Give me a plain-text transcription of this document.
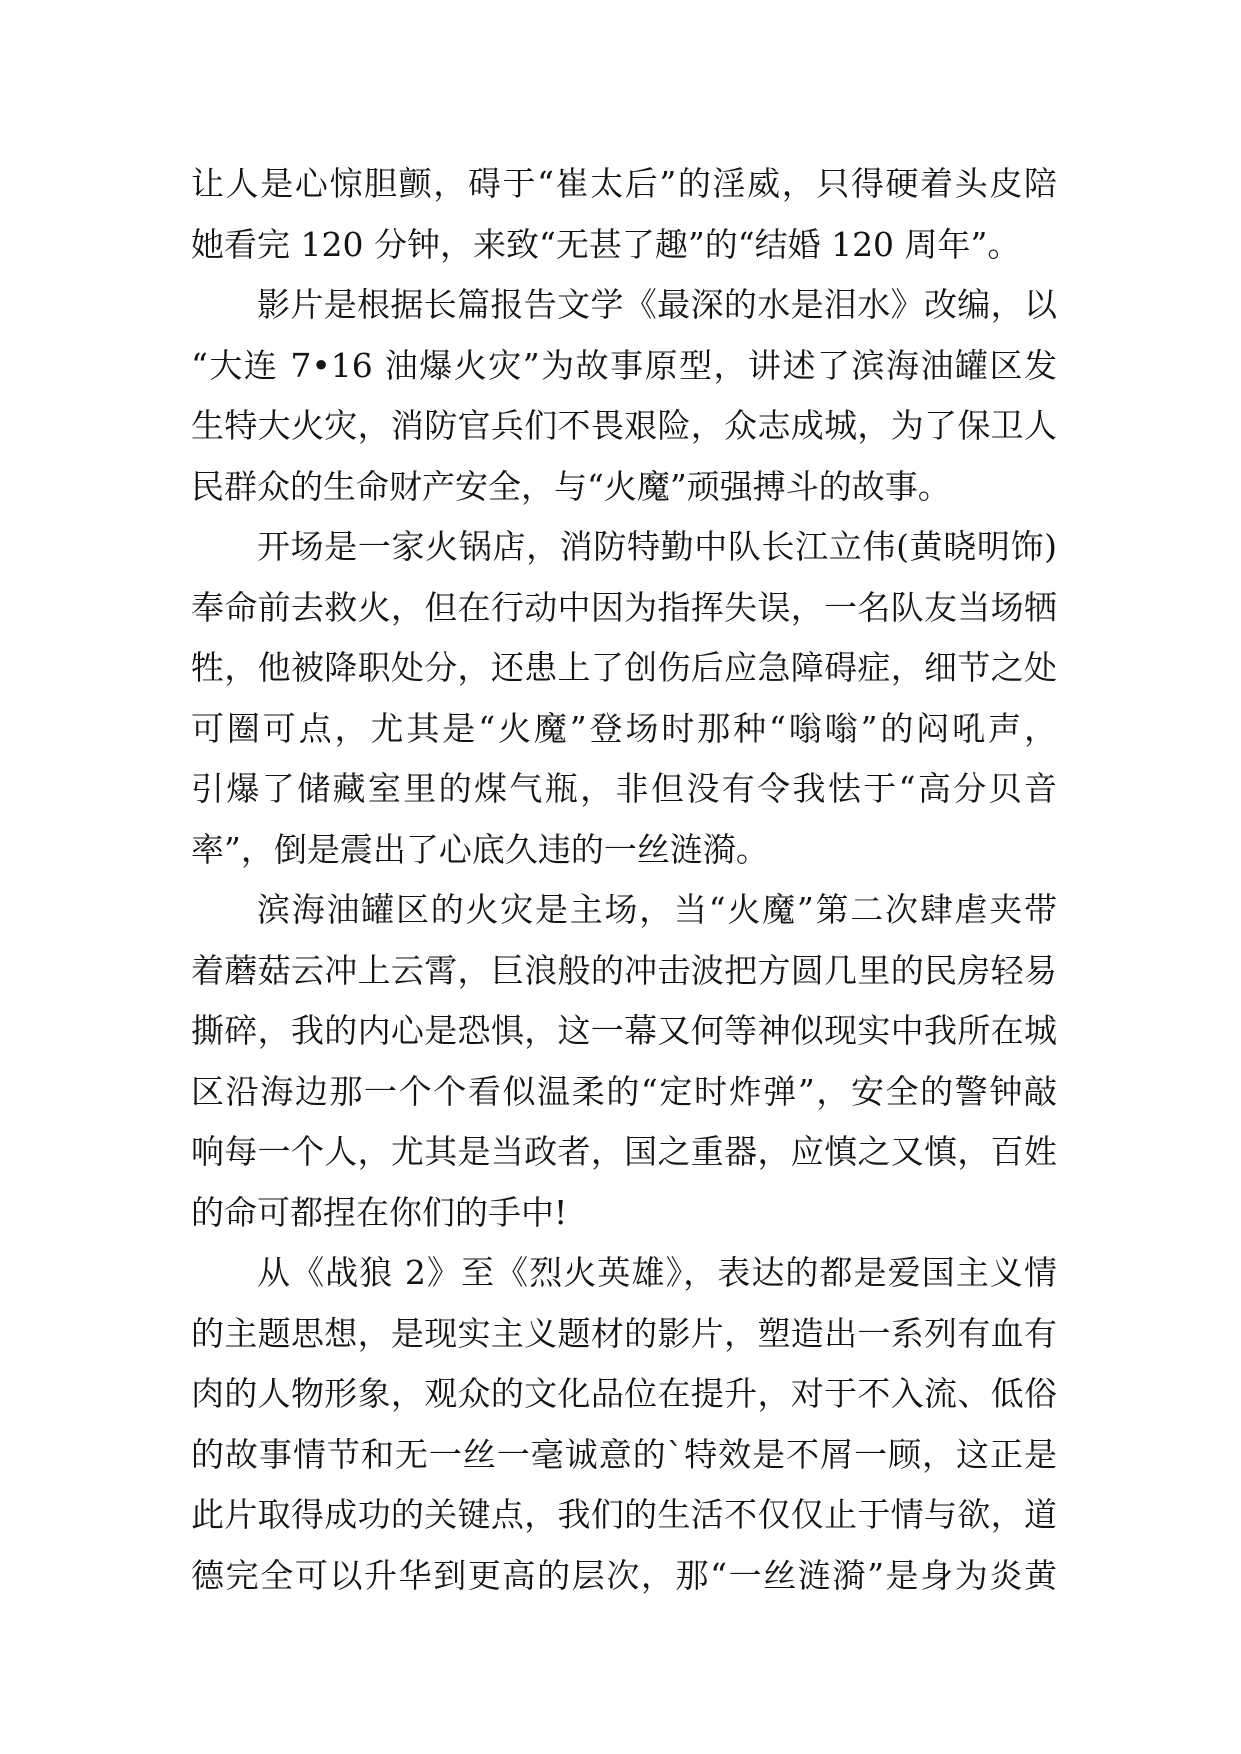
让人是心惊胆颤，碍于“崔太后”的淫威，只得硬着头皮陪

她看完 120 分钟，来致“无甚了趣”的“结婚 120 周年”。

影片是根据长篇报告文学《最深的水是泪水》改编，以

“大连 7•16 油爆火灾”为故事原型，讲述了滨海油罐区发

生特大火灾，消防官兵们不畏艰险，众志成城，为了保卫人

民群众的生命财产安全，与“火魔”顽强搏斗的故事。

开场是一家火锅店，消防特勤中队长江立伟(黄晓明饰)

奉命前去救火，但在行动中因为指挥失误，一名队友当场牺

牲，他被降职处分，还患上了创伤后应急障碍症，细节之处

可圈可点，尤其是“火魔”登场时那种“嗡嗡”的闷吼声，

引爆了储藏室里的煤气瓶，非但没有令我怯于“高分贝音

率”，倒是震出了心底久违的一丝涟漪。

滨海油罐区的火灾是主场，当“火魔”第二次肆虐夹带

着蘑菇云冲上云霄，巨浪般的冲击波把方圆几里的民房轻易

撕碎，我的内心是恐惧，这一幕又何等神似现实中我所在城

区沿海边那一个个看似温柔的“定时炸弹”，安全的警钟敲

响每一个人，尤其是当政者，国之重器，应慎之又慎，百姓

的命可都捏在你们的手中!

从《战狼 2》至《烈火英雄》，表达的都是爱国主义情

的主题思想，是现实主义题材的影片，塑造出一系列有血有

肉的人物形象，观众的文化品位在提升，对于不入流、低俗

的故事情节和无一丝一毫诚意的`特效是不屑一顾，这正是

此片取得成功的关键点，我们的生活不仅仅止于情与欲，道

德完全可以升华到更高的层次，那“一丝涟漪”是身为炎黄
